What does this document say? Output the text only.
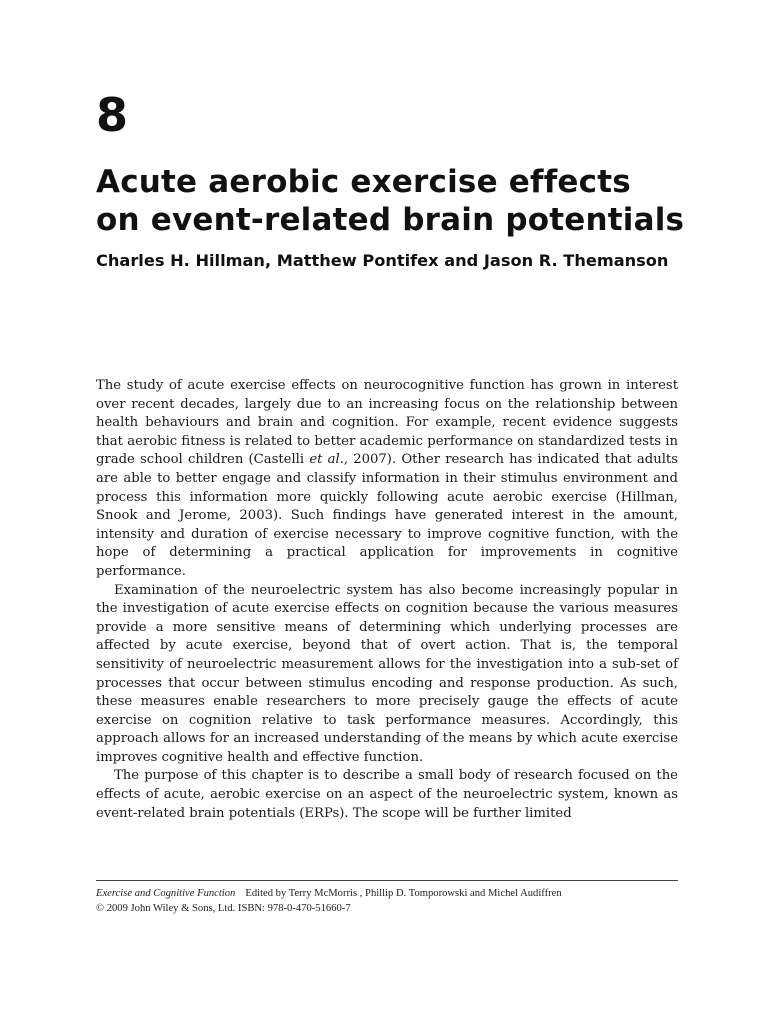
8
Acute aerobic exercise effects
on event-related brain potentials
Charles H. Hillman, Matthew Pontifex and Jason R. Themanson

The study of acute exercise effects on neurocognitive function has grown in interest over recent decades, largely due to an increasing focus on the relationship between health behaviours and brain and cognition. For example, recent evidence suggests that aerobic fitness is related to better academic performance on standardized tests in grade school children (Castelli et al., 2007). Other research has indicated that adults are able to better engage and classify information in their stimulus environment and process this information more quickly following acute aerobic exercise (Hillman, Snook and Jerome, 2003). Such findings have generated interest in the amount, intensity and duration of exercise necessary to improve cognitive function, with the hope of determining a practical application for improvements in cognitive performance.

Examination of the neuroelectric system has also become increasingly popular in the investigation of acute exercise effects on cognition because the various measures provide a more sensitive means of determining which underlying processes are affected by acute exercise, beyond that of overt action. That is, the temporal sensitivity of neuroelectric measurement allows for the investigation into a sub-set of processes that occur between stimulus encoding and response production. As such, these measures enable researchers to more precisely gauge the effects of acute exercise on cognition relative to task performance measures. Accordingly, this approach allows for an increased understanding of the means by which acute exercise improves cognitive health and effective function.

The purpose of this chapter is to describe a small body of research focused on the effects of acute, aerobic exercise on an aspect of the neuroelectric system, known as event-related brain potentials (ERPs). The scope will be further limited

Exercise and Cognitive Function Edited by Terry McMorris , Phillip D. Tomporowski and Michel Audiffren
© 2009 John Wiley & Sons, Ltd. ISBN: 978-0-470-51660-7
